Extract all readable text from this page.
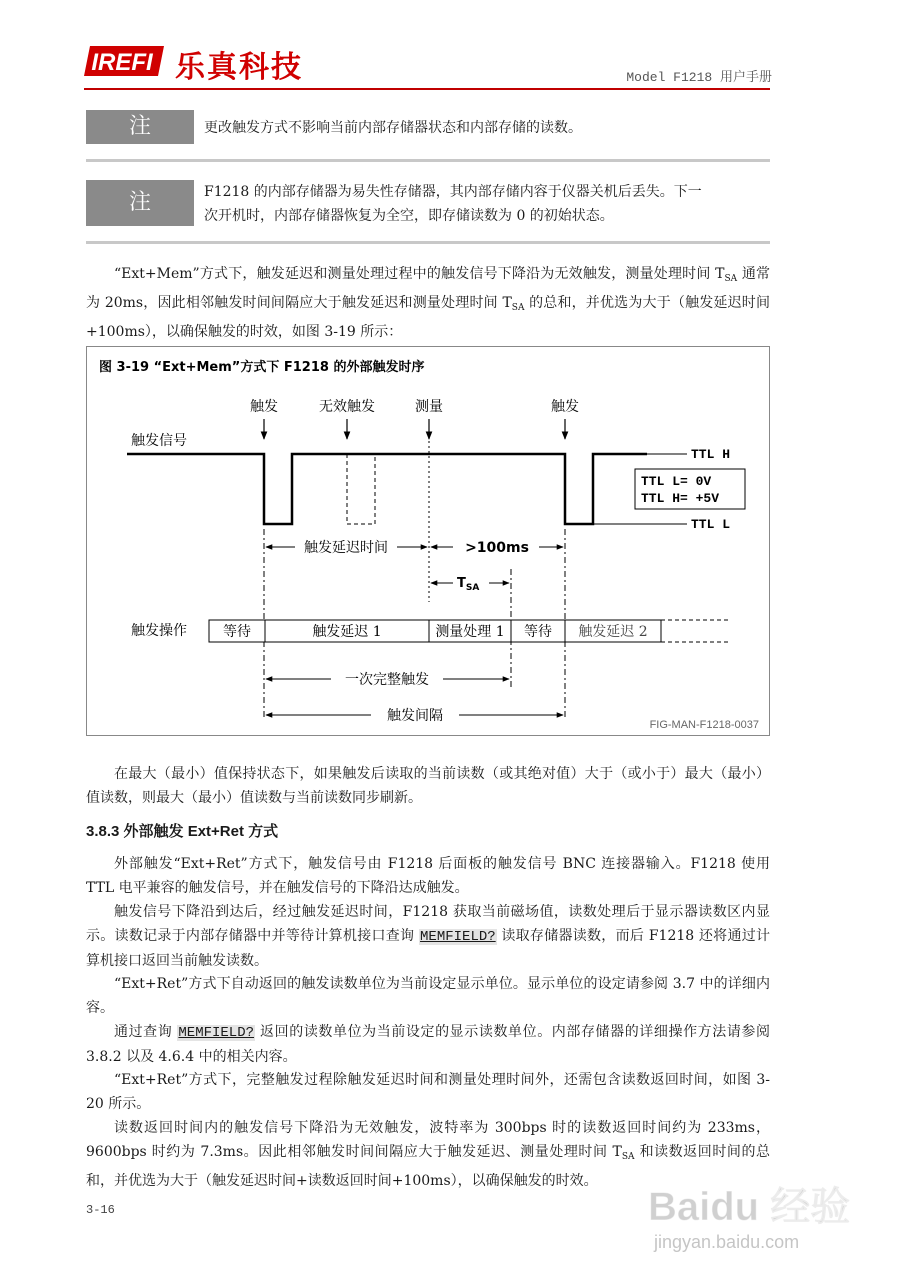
IREFI 乐真科技	Model F1218 用户手册
注	更改触发方式不影响当前内部存储器状态和内部存储的读数。
注	F1218 的内部存储器为易失性存储器，其内部存储内容于仪器关机后丢失。下一
次开机时，内部存储器恢复为全空，即存储读数为 0 的初始状态。
“Ext+Mem”方式下，触发延迟和测量处理过程中的触发信号下降沿为无效触发，测量处理时间 $T_{SA}$ 通常为 20ms，因此相邻触发时间间隔应大于触发延迟和测量处理时间 $T_{SA}$ 的总和，并优选为大于（触发延迟时间+100ms），以确保触发的时效，如图 3-19 所示：
图 3-19 “Ext+Mem”方式下 F1218 的外部触发时序
触发	无效触发	测量	触发
触发信号
TTL H
TTL L
TTL L= 0V
TTL H= +5V
触发延迟时间	>100ms
$T_{SA}$
触发操作	等待	触发延迟 1	测量处理 1 等待 触发延迟 2
一次完整触发
触发间隔
FIG-MAN-F1218-0037
在最大（最小）值保持状态下，如果触发后读取的当前读数（或其绝对值）大于（或小于）最大（最小）值读数，则最大（最小）值读数与当前读数同步刷新。
3.8.3 外部触发 Ext+Ret 方式
外部触发“Ext+Ret”方式下，触发信号由 F1218 后面板的触发信号 BNC 连接器输入。F1218 使用 TTL 电平兼容的触发信号，并在触发信号的下降沿达成触发。
触发信号下降沿到达后，经过触发延迟时间，F1218 获取当前磁场值，读数处理后于显示器读数区内显示。读数记录于内部存储器中并等待计算机接口查询 MEMFIELD? 读取存储器读数，而后 F1218 还将通过计算机接口返回当前触发读数。
“Ext+Ret”方式下自动返回的触发读数单位为当前设定显示单位。显示单位的设定请参阅 3.7 中的详细内容。
通过查询 MEMFIELD? 返回的读数单位为当前设定的显示读数单位。内部存储器的详细操作方法请参阅 3.8.2 以及 4.6.4 中的相关内容。
“Ext+Ret”方式下，完整触发过程除触发延迟时间和测量处理时间外，还需包含读数返回时间，如图 3-20 所示。
读数返回时间内的触发信号下降沿为无效触发，波特率为 300bps 时的读数返回时间约为 233ms，9600bps 时约为 7.3ms。因此相邻触发时间间隔应大于触发延迟、测量处理时间 $T_{SA}$ 和读数返回时间的总和，并优选为大于（触发延迟时间+读数返回时间+100ms），以确保触发的时效。
3-16	Baidu 经验
jingyan.baidu.com
